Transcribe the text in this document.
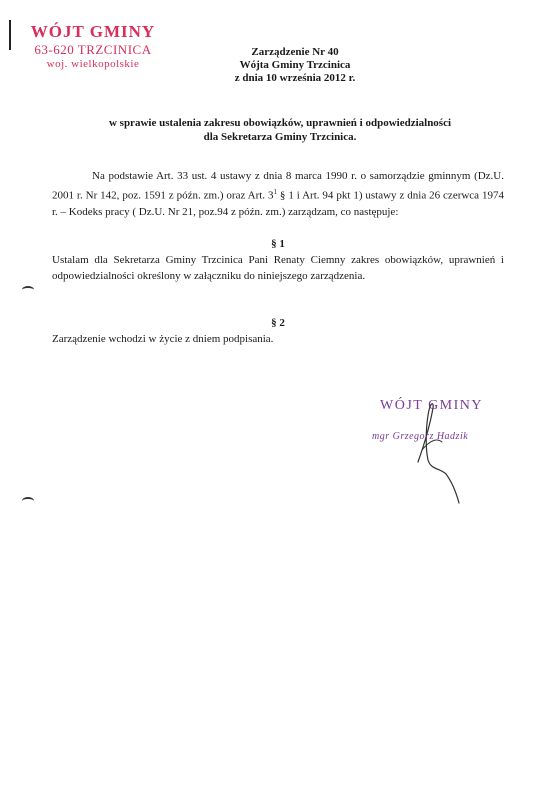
WÓJT GMINY
63-620 TRZCINICA
woj. wielkopolskie
Zarządzenie Nr 40
Wójta Gminy Trzcinica
z dnia 10 września 2012 r.
w sprawie ustalenia zakresu obowiązków, uprawnień i odpowiedzialności
dla Sekretarza Gminy Trzcinica.
Na podstawie Art. 33 ust. 4 ustawy z dnia 8 marca 1990 r. o samorządzie gminnym (Dz.U. 2001 r. Nr 142, poz. 1591 z późn. zm.) oraz Art. $3^1$ § 1 i Art. 94 pkt 1) ustawy z dnia 26 czerwca 1974 r. – Kodeks pracy ( Dz.U. Nr 21, poz.94 z późn. zm.) zarządzam, co następuje:
§ 1
Ustalam dla Sekretarza Gminy Trzcinica Pani Renaty Ciemny zakres obowiązków, uprawnień i odpowiedzialności określony w załączniku do niniejszego zarządzenia.
§ 2
Zarządzenie wchodzi w życie z dniem podpisania.
WÓJT GMINY
mgr Grzegorz Hadzik
